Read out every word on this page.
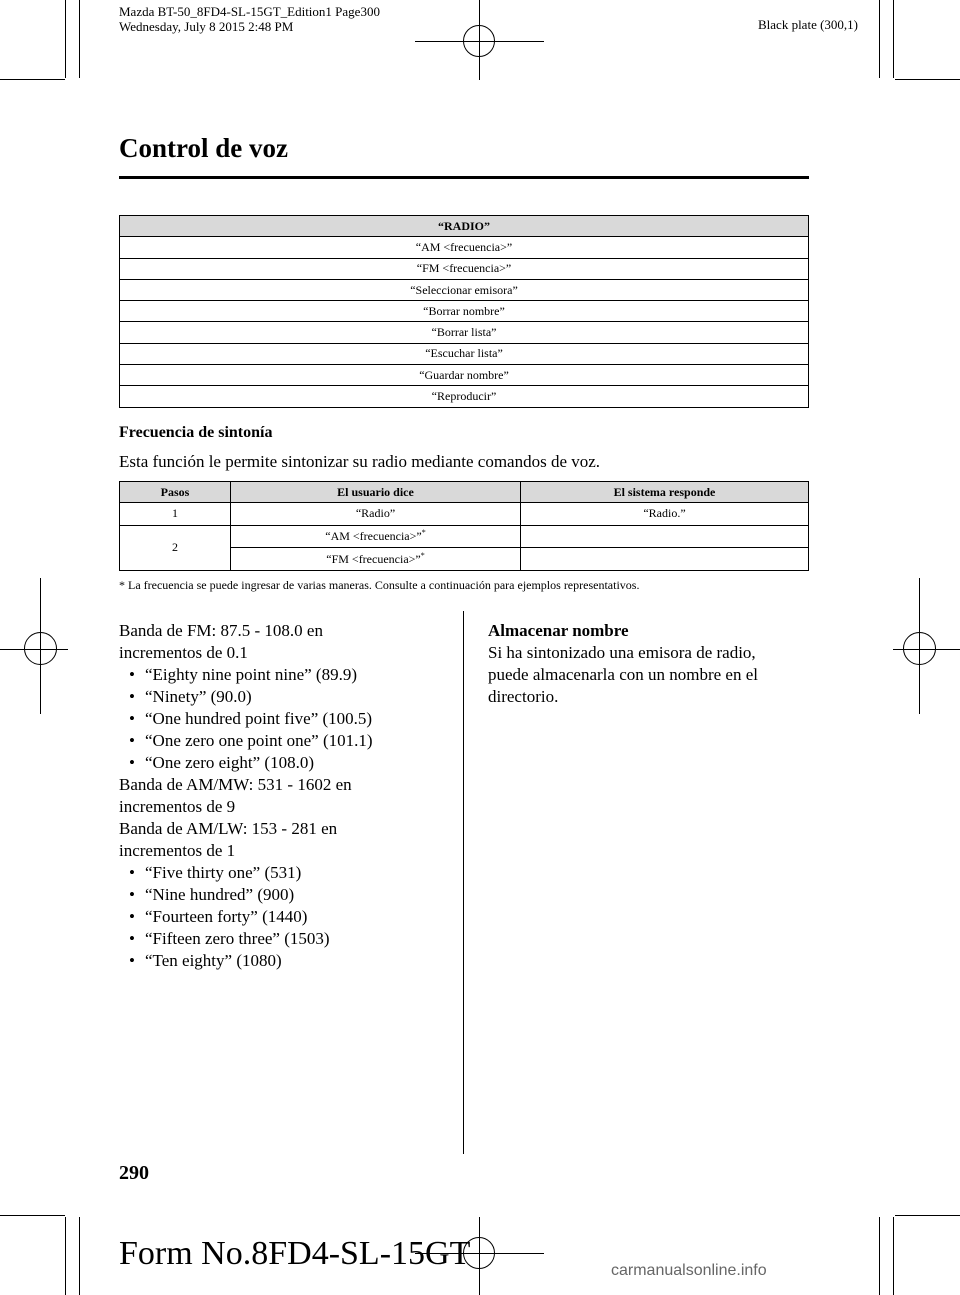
Mazda BT-50_8FD4-SL-15GT_Edition1 Page300
Wednesday, July 8 2015 2:48 PM	Black plate (300,1)
Control de voz
“RADIO”
“AM <frecuencia>”
“FM <frecuencia>”
“Seleccionar emisora”
“Borrar nombre”
“Borrar lista”
“Escuchar lista”
“Guardar nombre”
“Reproducir”
Frecuencia de sintonía
Esta función le permite sintonizar su radio mediante comandos de voz.
Pasos	El usuario dice	El sistema responde
1	“Radio”	“Radio.”
2	“AM <frecuencia>”*	
	“FM <frecuencia>”*	
* La frecuencia se puede ingresar de varias maneras. Consulte a continuación para ejemplos representativos.

Banda de FM: 87.5 - 108.0 en

incrementos de 0.1

• “Eighty nine point nine” (89.9)

• “Ninety” (90.0)

• “One hundred point five” (100.5)

• “One zero one point one” (101.1)

• “One zero eight” (108.0)

Banda de AM/MW: 531 - 1602 en

incrementos de 9

Banda de AM/LW: 153 - 281 en

incrementos de 1

• “Five thirty one” (531)

• “Nine hundred” (900)

• “Fourteen forty” (1440)

• “Fifteen zero three” (1503)

• “Ten eighty” (1080)

Almacenar nombre

Si ha sintonizado una emisora de radio,

puede almacenarla con un nombre en el

directorio.

290
Form No.8FD4-SL-15GT	carmanualsonline.info
